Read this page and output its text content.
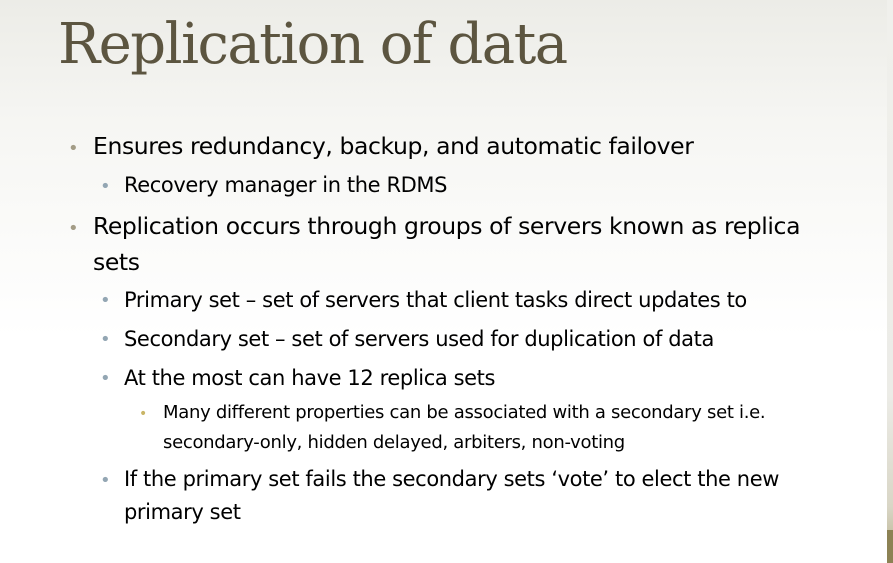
Replication of data
• Ensures redundancy, backup, and automatic failover
• Recovery manager in the RDMS
• Replication occurs through groups of servers known as replica
sets
• Primary set – set of servers that client tasks direct updates to
• Secondary set – set of servers used for duplication of data
• At the most can have 12 replica sets
• Many different properties can be associated with a secondary set i.e.
secondary-only, hidden delayed, arbiters, non-voting
• If the primary set fails the secondary sets ‘vote’ to elect the new
primary set
